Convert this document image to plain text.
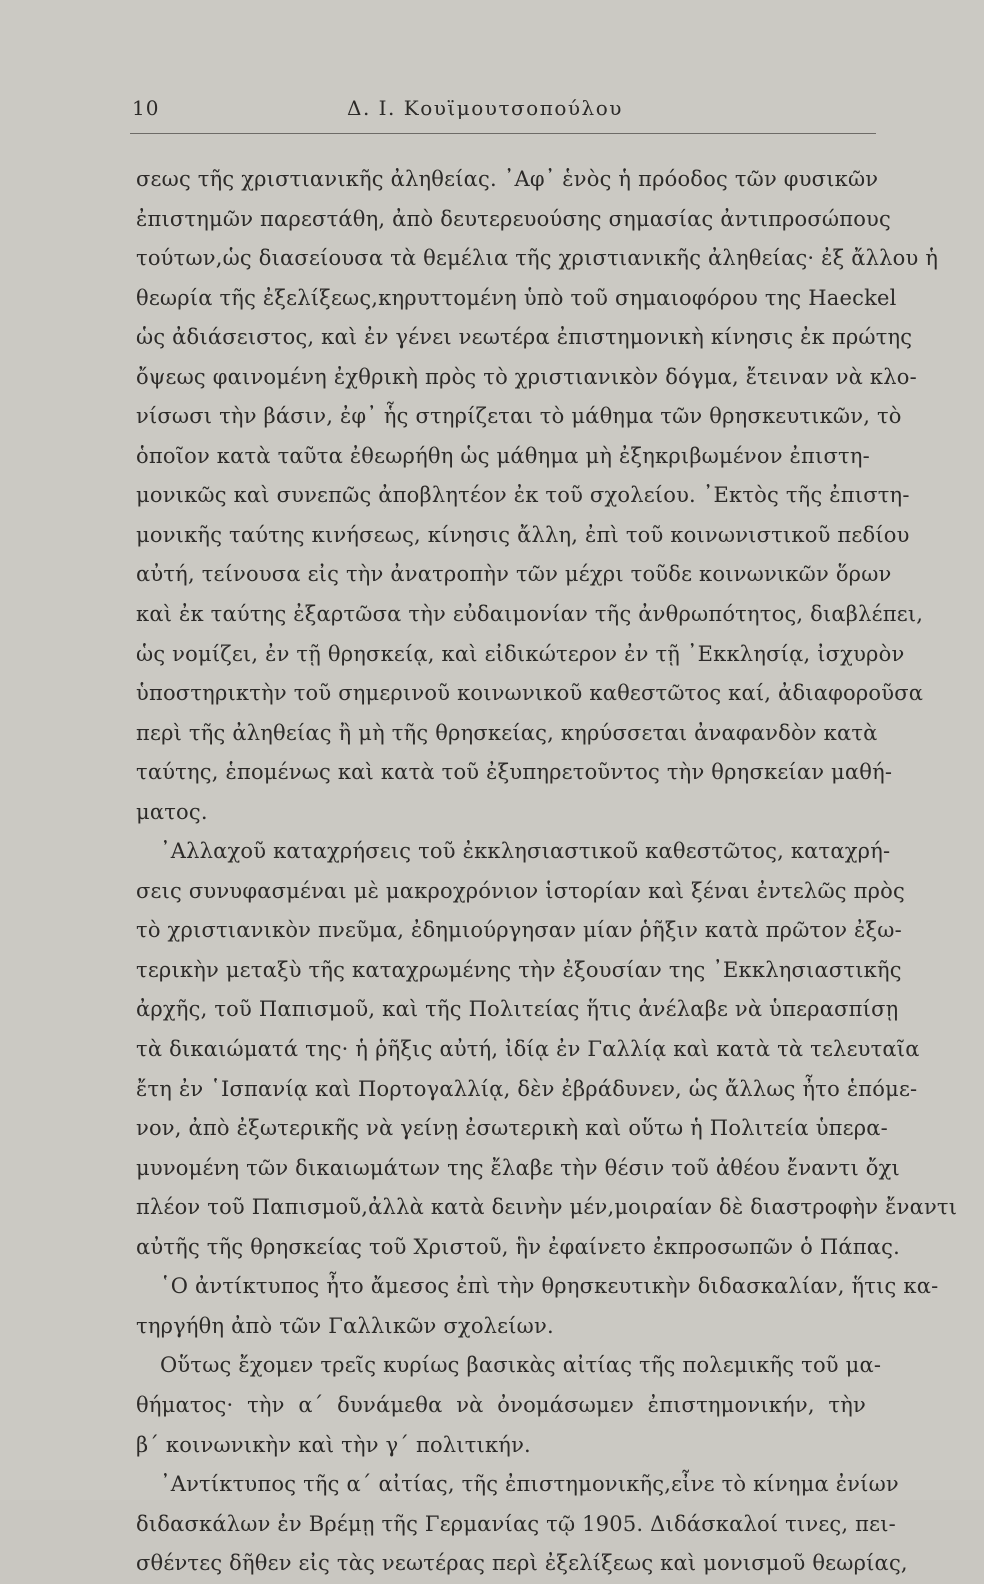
10	Δ. Ι. Κουϊμουτσοπούλου
σεως τῆς χριστιανικῆς ἀληθείας. ᾿Αφ᾿ ἑνὸς ἡ πρόοδος τῶν φυσικῶν
ἐπιστημῶν παρεστάθη, ἀπὸ δευτερευούσης σημασίας ἀντιπροσώπους
τούτων,ὡς διασείουσα τὰ θεμέλια τῆς χριστιανικῆς ἀληθείας· ἐξ ἄλλου ἡ
θεωρία τῆς ἐξελίξεως,κηρυττομένη ὑπὸ τοῦ σημαιοφόρου της Haeckel
ὡς ἀδιάσειστος, καὶ ἐν γένει νεωτέρα ἐπιστημονικὴ κίνησις ἐκ πρώτης
ὄψεως φαινομένη ἐχθρικὴ πρὸς τὸ χριστιανικὸν δόγμα, ἔτειναν νὰ κλο-
νίσωσι τὴν βάσιν, ἐφ᾿ ἧς στηρίζεται τὸ μάθημα τῶν θρησκευτικῶν, τὸ
ὁποῖον κατὰ ταῦτα ἐθεωρήθη ὡς μάθημα μὴ ἐξηκριβωμένον ἐπιστη-
μονικῶς καὶ συνεπῶς ἀποβλητέον ἐκ τοῦ σχολείου. ᾿Εκτὸς τῆς ἐπιστη-
μονικῆς ταύτης κινήσεως, κίνησις ἄλλη, ἐπὶ τοῦ κοινωνιστικοῦ πεδίου
αὐτή, τείνουσα εἰς τὴν ἀνατροπὴν τῶν μέχρι τοῦδε κοινωνικῶν ὅρων
καὶ ἐκ ταύτης ἐξαρτῶσα τὴν εὐδαιμονίαν τῆς ἀνθρωπότητος, διαβλέπει,
ὡς νομίζει, ἐν τῇ θρησκείᾳ, καὶ εἰδικώτερον ἐν τῇ ᾿Εκκλησίᾳ, ἰσχυρὸν
ὑποστηρικτὴν τοῦ σημερινοῦ κοινωνικοῦ καθεστῶτος καί, ἀδιαφοροῦσα
περὶ τῆς ἀληθείας ἢ μὴ τῆς θρησκείας, κηρύσσεται ἀναφανδὸν κατὰ
ταύτης, ἑπομένως καὶ κατὰ τοῦ ἐξυπηρετοῦντος τὴν θρησκείαν μαθή-
ματος.
᾿Αλλαχοῦ καταχρήσεις τοῦ ἐκκλησιαστικοῦ καθεστῶτος, καταχρή-
σεις συνυφασμέναι μὲ μακροχρόνιον ἱστορίαν καὶ ξέναι ἐντελῶς πρὸς
τὸ χριστιανικὸν πνεῦμα, ἐδημιούργησαν μίαν ῥῆξιν κατὰ πρῶτον ἐξω-
τερικὴν μεταξὺ τῆς καταχρωμένης τὴν ἐξουσίαν της ᾿Εκκλησιαστικῆς
ἀρχῆς, τοῦ Παπισμοῦ, καὶ τῆς Πολιτείας ἥτις ἀνέλαβε νὰ ὑπερασπίσῃ
τὰ δικαιώματά της· ἡ ῥῆξις αὐτή, ἰδίᾳ ἐν Γαλλίᾳ καὶ κατὰ τὰ τελευταῖα
ἔτη ἐν ῾Ισπανίᾳ καὶ Πορτογαλλίᾳ, δὲν ἐβράδυνεν, ὡς ἄλλως ἦτο ἑπόμε-
νον, ἀπὸ ἐξωτερικῆς νὰ γείνῃ ἐσωτερικὴ καὶ οὕτω ἡ Πολιτεία ὑπερα-
μυνομένη τῶν δικαιωμάτων της ἔλαβε τὴν θέσιν τοῦ ἀθέου ἔναντι ὄχι
πλέον τοῦ Παπισμοῦ,ἀλλὰ κατὰ δεινὴν μέν,μοιραίαν δὲ διαστροφὴν ἔναντι
αὐτῆς τῆς θρησκείας τοῦ Χριστοῦ, ἣν ἐφαίνετο ἐκπροσωπῶν ὁ Πάπας.
῾Ο ἀντίκτυπος ἦτο ἄμεσος ἐπὶ τὴν θρησκευτικὴν διδασκαλίαν, ἥτις κα-
τηργήθη ἀπὸ τῶν Γαλλικῶν σχολείων.
Οὕτως ἔχομεν τρεῖς κυρίως βασικὰς αἰτίας τῆς πολεμικῆς τοῦ μα-
θήματος· τὴν α΄ δυνάμεθα νὰ ὀνομάσωμεν ἐπιστημονικήν, τὴν
β΄ κοινωνικὴν καὶ τὴν γ΄ πολιτικήν.
᾿Αντίκτυπος τῆς α΄ αἰτίας, τῆς ἐπιστημονικῆς,εἶνε τὸ κίνημα ἐνίων
διδασκάλων ἐν Βρέμῃ τῆς Γερμανίας τῷ 1905. Διδάσκαλοί τινες, πει-
σθέντες δῆθεν εἰς τὰς νεωτέρας περὶ ἐξελίξεως καὶ μονισμοῦ θεωρίας,
